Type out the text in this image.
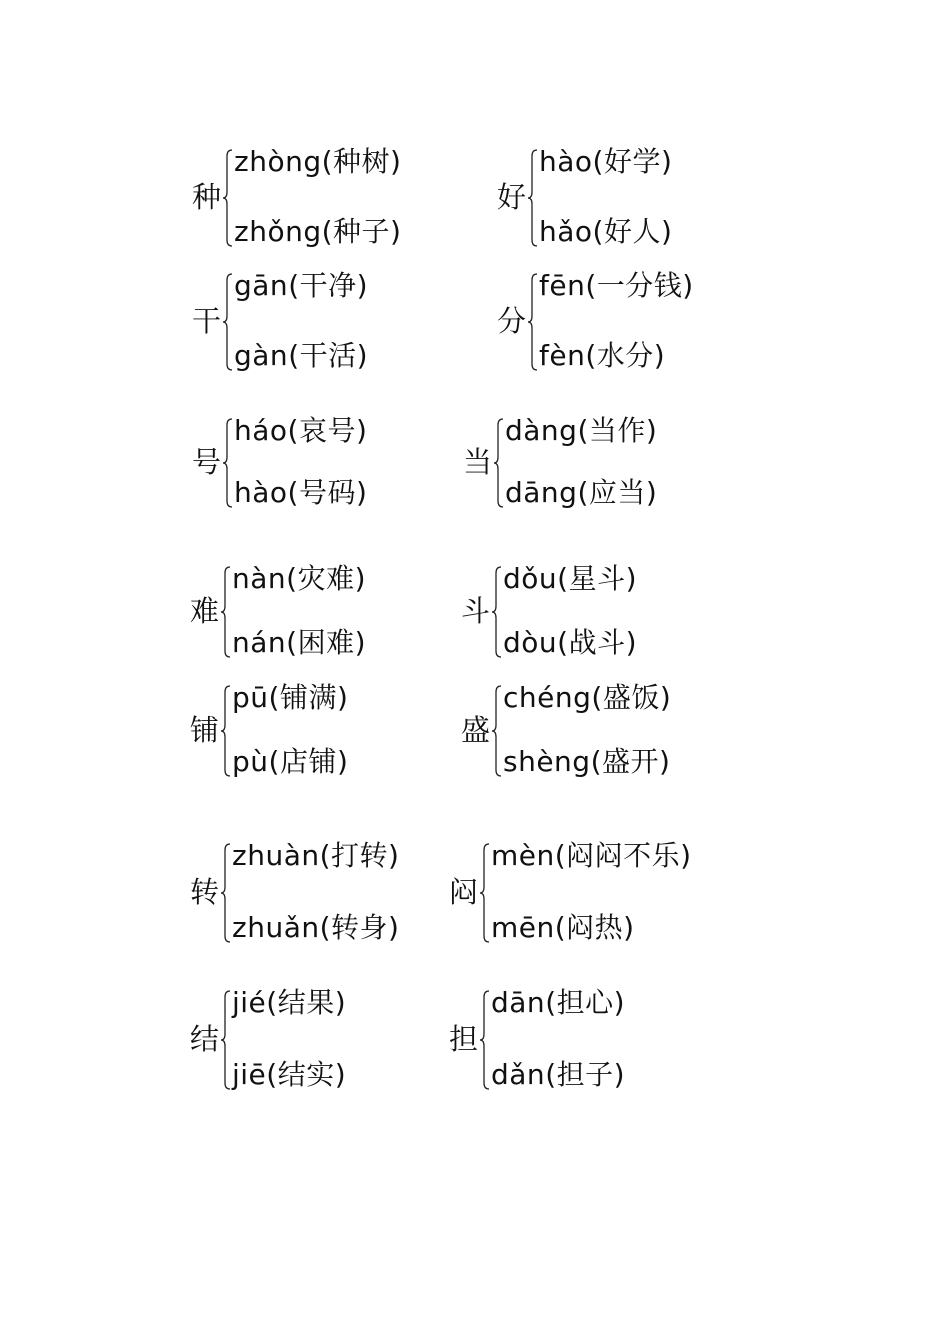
种
zhòng(种树)
zhǒng(种子)
好
hào(好学)
hǎo(好人)
干
gān(干净)
gàn(干活)
分
fēn(一分钱)
fèn(水分)
号
háo(哀号)
hào(号码)
当
dàng(当作)
dāng(应当)
难
nàn(灾难)
nán(困难)
斗
dǒu(星斗)
dòu(战斗)
铺
pū(铺满)
pù(店铺)
盛
chéng(盛饭)
shèng(盛开)
转
zhuàn(打转)
zhuǎn(转身)
闷
mèn(闷闷不乐)
mēn(闷热)
结
jié(结果)
jiē(结实)
担
dān(担心)
dǎn(担子)
